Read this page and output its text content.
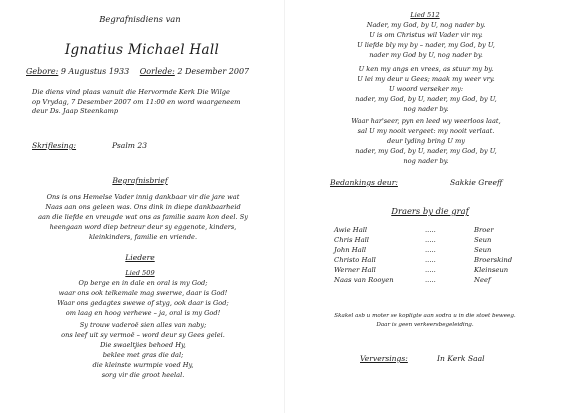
Begrafnisdiens van
Ignatius Michael Hall
Gebore: 9 Augustus 1933 Oorlede: 2 Desember 2007
Die diens vind plaas vanuit die Hervormde Kerk Die Wilge
op Vrydag, 7 Desember 2007 om 11:00 en word waargeneem
deur Ds. Jaap Steenkamp
Skriflesing:	Psalm 23
Begrafnisbrief
Ons is ons Hemelse Vader innig dankbaar vir die jare wat
Naas aan ons geleen was. Ons dink in diepe dankbaarheid
aan die liefde en vreugde wat ons as familie saam kon deel. Sy
heengaan word diep betreur deur sy eggenote, kinders,
kleinkinders, familie en vriende.
Liedere
Lied 509
Op berge en in dale en oral is my God;
waar ons ook telkemale mag swerwe, daar is God!
Waar ons gedagtes swewe of styg, ook daar is God;
om laag en hoog verhewe – ja, oral is my God!
Sy trouw vaderoë sien alles van naby;
ons leef uit sy vermoë – word deur sy Gees gelei.
Die swaeltjies behoed Hy,
beklee met gras die dal;
die kleinste wurmpie voed Hy,
sorg vir die groot heelal.
Lied 512
Nader, my God, by U, nog nader by.
U is om Christus wil Vader vir my.
U liefde bly my by – nader, my God, by U,
nader my God by U, nog nader by.
U ken my angs en vrees, as stuur my by.
U lei my deur u Gees; maak my weer vry.
U woord verseker my:
nader, my God, by U, nader, my God, by U,
nog nader by.
Waar har'seer, pyn en leed wy weerloos laat,
sal U my nooit vergeet: my nooit verlaat.
deur lyding bring U my
nader, my God, by U, nader, my God, by U,
nog nader by.
Bedankings deur:	Sakkie Greeff
Draers by die graf
Awie Hall	.....	Broer
Chris Hall	.....	Seun
John Hall	.....	Seun
Christo Hall	.....	Broerskind
Werner Hall	.....	Kleinseun
Naas van Rooyen	.....	Neef
Skakel asb u moter se kopligte aan sodra u in die stoet beweeg.
Daar is geen verkeersbegeleiding.
Verversings:	In Kerk Saal
